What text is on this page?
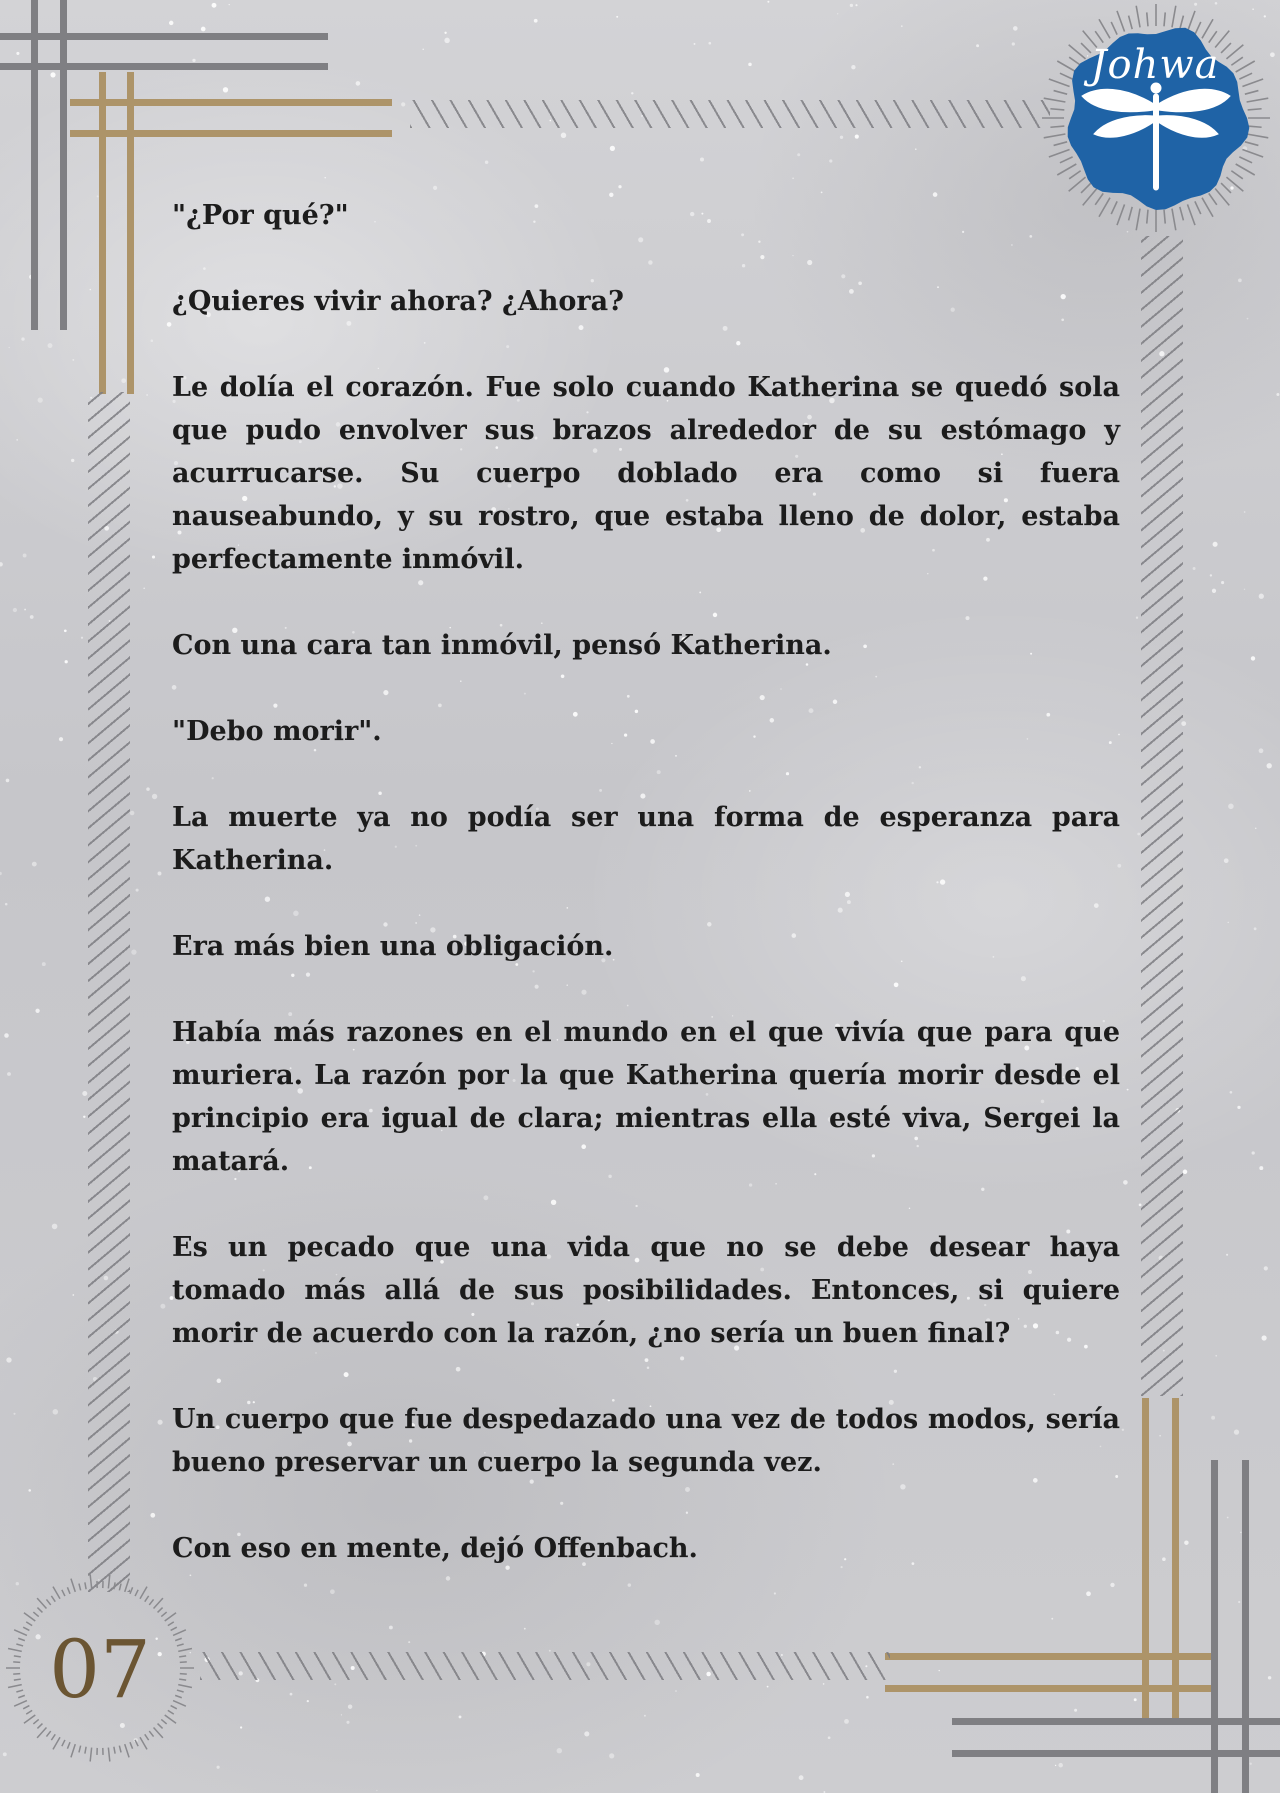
Johwa
07

"¿Por qué?"

¿Quieres vivir ahora? ¿Ahora?

Le dolía el corazón. Fue solo cuando Katherina se quedó sola que pudo envolver sus brazos alrededor de su estómago y acurrucarse. Su cuerpo doblado era como si fuera nauseabundo, y su rostro, que estaba lleno de dolor, estaba perfectamente inmóvil.

Con una cara tan inmóvil, pensó Katherina.

"Debo morir".

La muerte ya no podía ser una forma de esperanza para Katherina.

Era más bien una obligación.

Había más razones en el mundo en el que vivía que para que muriera. La razón por la que Katherina quería morir desde el principio era igual de clara; mientras ella esté viva, Sergei la matará.

Es un pecado que una vida que no se debe desear haya tomado más allá de sus posibilidades. Entonces, si quiere morir de acuerdo con la razón, ¿no sería un buen final?

Un cuerpo que fue despedazado una vez de todos modos, sería bueno preservar un cuerpo la segunda vez.

Con eso en mente, dejó Offenbach.
